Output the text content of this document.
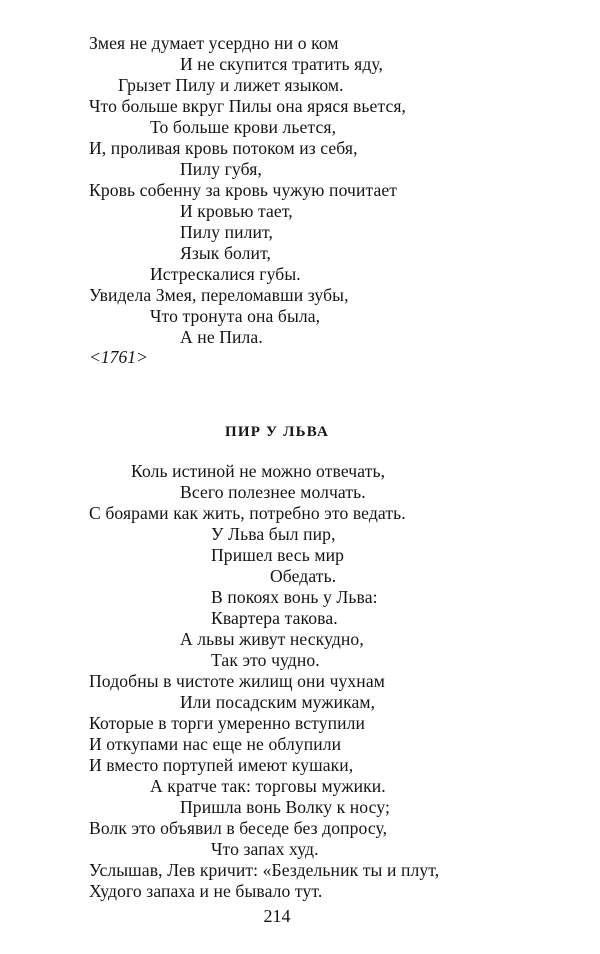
Змея не думает усердно ни о ком
И не скупится тратить яду,
Грызет Пилу и лижет языком.
Что больше вкруг Пилы она яряся вьется,
То больше крови льется,
И, проливая кровь потоком из себя,
Пилу губя,
Кровь собенну за кровь чужую почитает
И кровью тает,
Пилу пилит,
Язык болит,
Истрескалися губы.
Увидела Змея, переломавши зубы,
Что тронута она была,
А не Пила.
<1761>
ПИР У ЛЬВА
Коль истиной не можно отвечать,
Всего полезнее молчать.
С боярами как жить, потребно это ведать.
У Льва был пир,
Пришел весь мир
Обедать.
В покоях вонь у Льва:
Квартера такова.
А львы живут нескудно,
Так это чудно.
Подобны в чистоте жилищ они чухнам
Или посадским мужикам,
Которые в торги умеренно вступили
И откупами нас еще не облупили
И вместо портупей имеют кушаки,
А кратче так: торговы мужики.
Пришла вонь Волку к носу;
Волк это объявил в беседе без допросу,
Что запах худ.
Услышав, Лев кричит: «Бездельник ты и плут,
Худого запаха и не бывало тут.
214
